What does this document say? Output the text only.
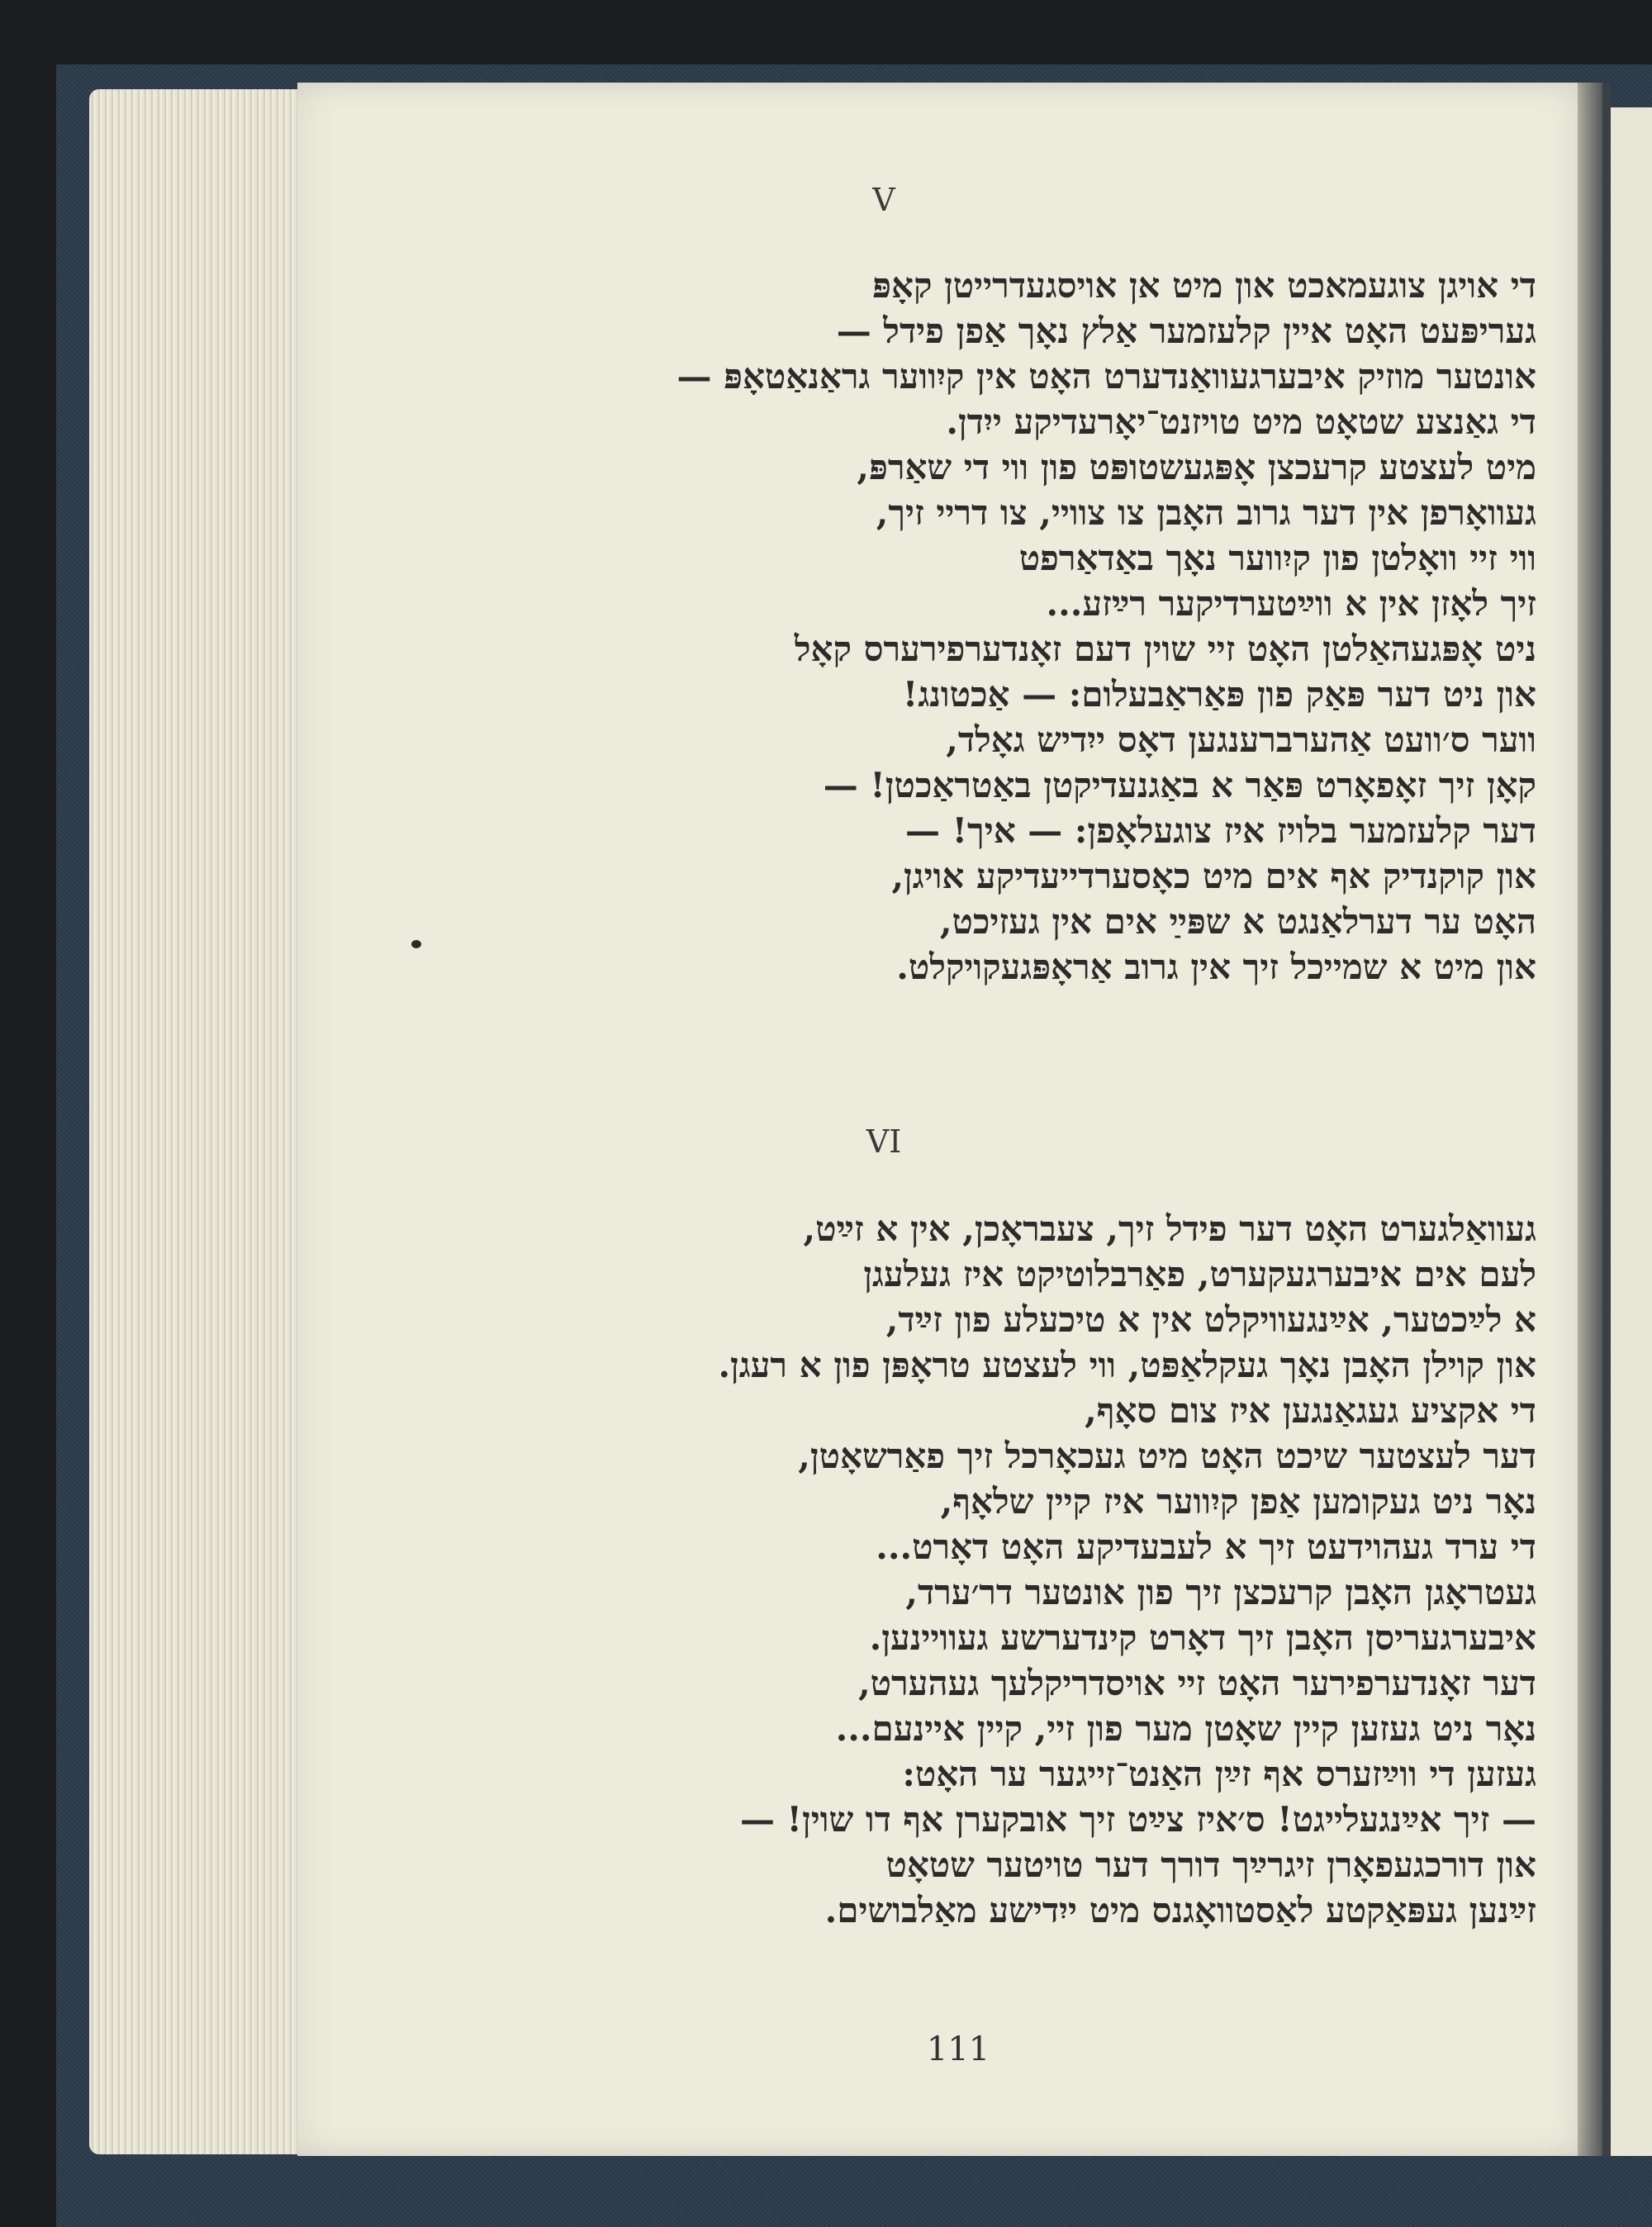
V
די אויגן צוגעמאכט און מיט אן אויסגעדרייטן קאָפּ
געריפּעט האָט איין קלעזמער אַלץ נאָך אַפן פידל —
אונטער מוזיק איבערגעוואַנדערט האָט אין קיִווער גראַנאַטאָפּ —
די גאַנצע שטאָט מיט טויזנט־יאָרעדיקע ייִדן.
מיט לעצטע קרעכצן אָפּגעשטופּט פון ווי די שאַרפּ,
געוואָרפן אין דער גרוב האָבן צו צוויי, צו דריי זיך,
ווי זיי וואָלטן פון קיִווער נאָך באַדאַרפט
זיך לאָזן אין א ווײַטערדיקער רײַזע...
ניט אָפּגעהאַלטן האָט זיי שוין דעם זאָנדערפירערס קאָל
און ניט דער פּאַק פון פּאַראַבעלום: — אַכטונג!
ווער ס׳וועט אַהערברענגען דאָס ייִדיש גאָלד,
קאָן זיך זאָפאָרט פּאַר א באַגנעדיקטן באַטראַכטן! —
דער קלעזמער בלויז איז צוגעלאָפן: — איך! —
און קוקנדיק אף אים מיט כאָסערדייעדיקע אויגן,
האָט ער דערלאַנגט א שפּײַ אים אין געזיכט,
און מיט א שמייכל זיך אין גרוב אַראָפּגעקויקלט.
VI
געוואַלגערט האָט דער פידל זיך, צעבראָכן, אין א זײַט,
לעם אים איבערגעקערט, פאַרבלוטיקט איז געלעגן
א לײַכטער, אײַנגעוויקלט אין א טיכעלע פון זײַד,
און קוילן האָבן נאָך געקלאַפּט, ווי לעצטע טראָפּן פון א רעגן.
די אקציע געגאַנגען איז צום סאָף,
דער לעצטער שיכט האָט מיט געכאָרכל זיך פאַרשאָטן,
נאָר ניט געקומען אַפן קיִווער איז קיין שלאָף,
די ערד געהוידעט זיך א לעבעדיקע האָט דאָרט...
געטראָגן האָבן קרעכצן זיך פון אונטער דר׳ערד,
איבערגעריסן האָבן זיך דאָרט קינדערשע געוויינען.
דער זאָנדערפירער האָט זיי אויסדריקלעך געהערט,
נאָר ניט געזען קיין שאָטן מער פון זיי, קיין איינעם...
געזען די ווײַזערס אף זײַן האַנט־זייגער ער האָט:
— זיך אײַנגעלייגט! ס׳איז צײַט זיך אובקערן אף דו שוין! —
און דורכגעפאָרן זיגרײַך דורך דער טויטער שטאָט
זײַנען געפּאַקטע לאַסטוואָגנס מיט ייִדישע מאַלבושים.
111
